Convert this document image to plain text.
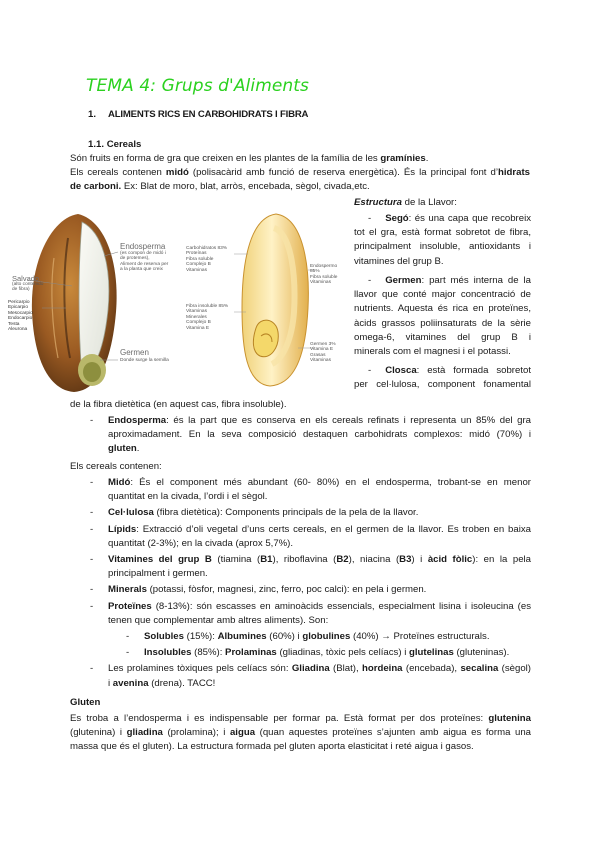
TEMA 4: Grups d'Aliments
1. ALIMENTS RICS EN CARBOHIDRATS I FIBRA
1.1. Cereals
Són fruits en forma de gra que creixen en les plantes de la família de les gramínies.
Els cereals contenen midó (polisacàrid amb funció de reserva energètica). És la principal font d’hidrats
de carboni. Ex: Blat de moro, blat, arròs, encebada, sègol, civada,etc.
Endosperma
(es compon de midó i
de proteïnes),
Aliment de reserva per
a la planta que creix
Salvado
(alto contenido
de fibra)
Pericarpio
Epicarpio
Mesocarpio
Endocarpio
Testa
Aleurona
Germen
Donde surge la semilla
Carbohidratos 83%
Proteínas
Fibra soluble
Complejo B
Vitaminas
Fibra insoluble 85%
Vitaminas
Minerales
Complejo B
Vitamina E
Endospermo 85%
Fibra soluble
Vitaminas
Germen 3%
Vitamina E
Grasas
Vitaminas
Estructura de la Llavor:
- Segó: és una capa que recobreix
tot el gra, està format sobretot de fibra,
principalment insoluble, antioxidants i
vitamines del grup B.
- Germen: part més interna de la
llavor que conté major concentració de
nutrients. Aquesta és rica en proteïnes,
àcids grassos poliinsaturats de la sèrie
omega-6, vitamines del grup B i
minerals com el magnesi i el potassi.
- Closca: està formada sobretot
per cel·lulosa, component fonamental
de la fibra dietètica (en aquest cas, fibra insoluble).
- Endosperma: és la part que es conserva en els cereals refinats i representa un 85% del gra
aproximadament. En la seva composició destaquen carbohidrats complexos: midó (70%) i
gluten.
Els cereals contenen:
- Midó: És el component més abundant (60- 80%) en el endosperma, trobant-se en menor
quantitat en la civada, l’ordi i el sègol.
- Cel·lulosa (fibra dietètica): Components principals de la pela de la llavor.
- Lípids: Extracció d’oli vegetal d’uns certs cereals, en el germen de la llavor. Es troben en baixa
quantitat (2-3%); en la civada (aprox 5,7%).
- Vitamines del grup B (tiamina (B1), riboflavina (B2), niacina (B3) i àcid fòlic): en la pela
principalment i germen.
- Minerals (potassi, fòsfor, magnesi, zinc, ferro, poc calci): en pela i germen.
- Proteïnes (8-13%): són escasses en aminoàcids essencials, especialment lisina i isoleucina (es
tenen que complementar amb altres aliments). Son:
- Solubles (15%): Albumines (60%) i globulines (40%) → Proteïnes estructurals.
- Insolubles (85%): Prolaminas (gliadinas, tòxic pels celíacs) i glutelinas (gluteninas).
- Les prolamines tòxiques pels celíacs són: Gliadina (Blat), hordeina (encebada), secalina (sègol)
i avenina (drena). TACC!
Gluten
Es troba a l’endosperma i es indispensable per formar pa. Està format per dos proteïnes: glutenina
(glutenina) i gliadina (prolamina); i aigua (quan aquestes proteïnes s’ajunten amb aigua es forma una
massa que és el gluten). La estructura formada pel gluten aporta elasticitat i reté aigua i gasos.
